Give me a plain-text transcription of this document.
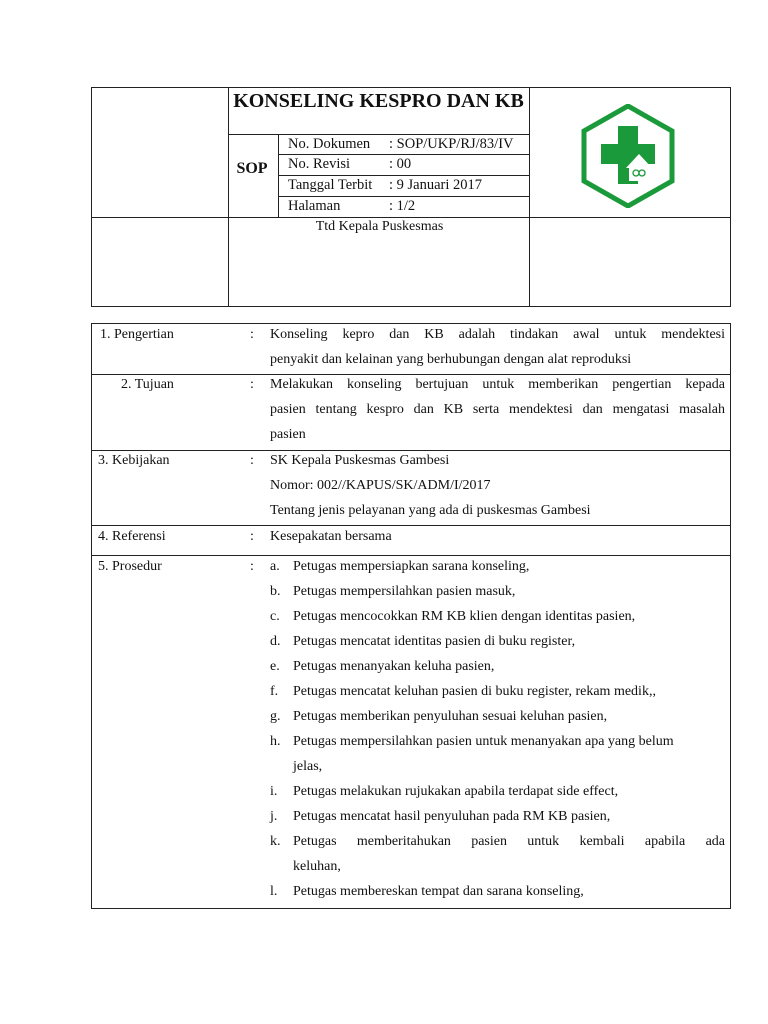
KONSELING KESPRO DAN KB
SOP
No. Dokumen : SOP/UKP/RJ/83/IV
No. Revisi	: 00
Tanggal Terbit : 9 Januari 2017
Halaman	: 1/2
Ttd Kepala Puskesmas
1. Pengertian	: Konseling kepro dan KB adalah tindakan awal untuk mendektesi
penyakit dan kelainan yang berhubungan dengan alat reproduksi
2. Tujuan	: Melakukan konseling bertujuan untuk memberikan pengertian kepada
pasien tentang kespro dan KB serta mendektesi dan mengatasi masalah
pasien
3. Kebijakan	: SK Kepala Puskesmas Gambesi
Nomor: 002//KAPUS/SK/ADM/I/2017
Tentang jenis pelayanan yang ada di puskesmas Gambesi
4. Referensi	: Kesepakatan bersama
5. Prosedur	: a. Petugas mempersiapkan sarana konseling,
b. Petugas mempersilahkan pasien masuk,
c. Petugas mencocokkan RM KB klien dengan identitas pasien,
d. Petugas mencatat identitas pasien di buku register,
e. Petugas menanyakan keluha pasien,
f. Petugas mencatat keluhan pasien di buku register, rekam medik,,
g. Petugas memberikan penyuluhan sesuai keluhan pasien,
h. Petugas mempersilahkan pasien untuk menanyakan apa yang belum
jelas,
i. Petugas melakukan rujukakan apabila terdapat side effect,
j. Petugas mencatat hasil penyuluhan pada RM KB pasien,
k. Petugas memberitahukan pasien untuk kembali apabila ada
keluhan,
l. Petugas membereskan tempat dan sarana konseling,
